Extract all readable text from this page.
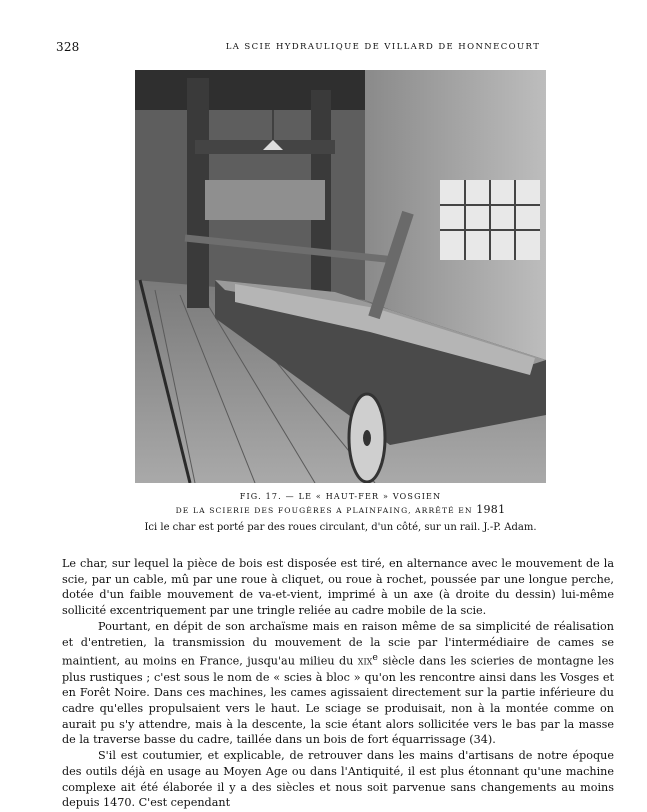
328	LA SCIE HYDRAULIQUE DE VILLARD DE HONNECOURT
FIG. 17. — LE « HAUT-FER » VOSGIEN
DE LA SCIERIE DES FOUGÈRES A PLAINFAING, ARRÊTÉ EN 1981
Ici le char est porté par des roues circulant, d'un côté, sur un rail. J.-P. Adam.

Le char, sur lequel la pièce de bois est disposée est tiré, en alternance avec le mouvement de la scie, par un cable, mû par une roue à cliquet, ou roue à rochet, poussée par une longue perche, dotée d'un faible mouvement de va-et-vient, imprimé à un axe (à droite du dessin) lui-même sollicité excentriquement par une tringle reliée au cadre mobile de la scie.

Pourtant, en dépit de son archaïsme mais en raison même de sa simplicité de réalisation et d'entretien, la transmission du mouvement de la scie par l'intermédiaire de cames se maintient, au moins en France, jusqu'au milieu du xix$^e$ siècle dans les scieries de montagne les plus rustiques ; c'est sous le nom de « scies à bloc » qu'on les rencontre ainsi dans les Vosges et en Forêt Noire. Dans ces machines, les cames agissaient directement sur la partie inférieure du cadre qu'elles propulsaient vers le haut. Le sciage se produisait, non à la montée comme on aurait pu s'y attendre, mais à la descente, la scie étant alors sollicitée vers le bas par la masse de la traverse basse du cadre, taillée dans un bois de fort équarrissage (34).

S'il est coutumier, et explicable, de retrouver dans les mains d'artisans de notre époque des outils déjà en usage au Moyen Age ou dans l'Antiquité, il est plus étonnant qu'une machine complexe ait été élaborée il y a des siècles et nous soit parvenue sans changements au moins depuis 1470. C'est cependant
